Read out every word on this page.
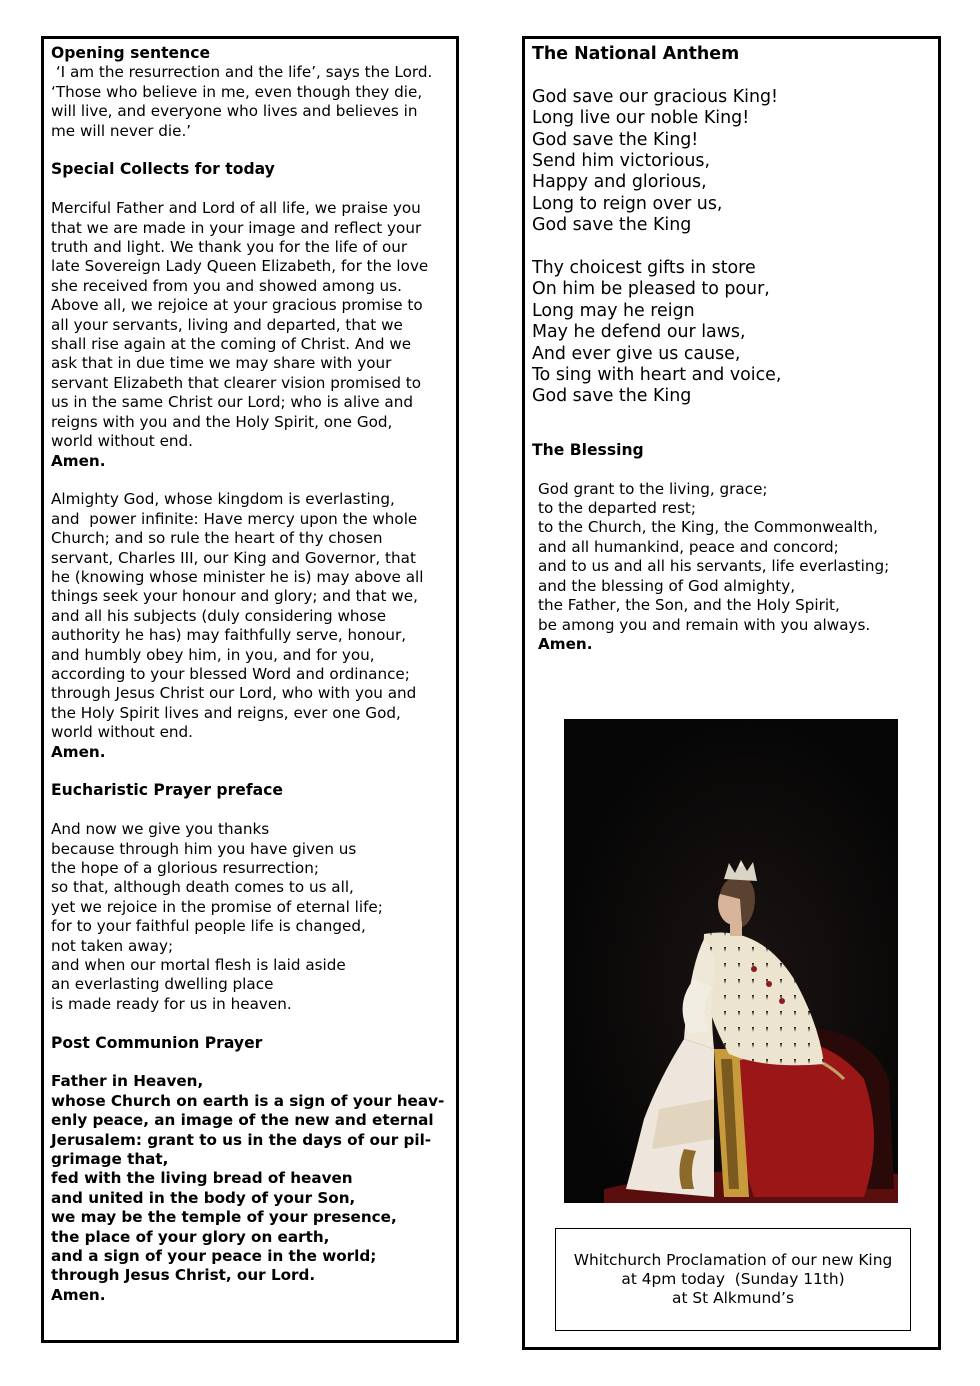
Opening sentence

‘I am the resurrection and the life’, says the Lord.

‘Those who believe in me, even though they die,

will live, and everyone who lives and believes in

me will never die.’

Special Collects for today

Merciful Father and Lord of all life, we praise you

that we are made in your image and reflect your

truth and light. We thank you for the life of our

late Sovereign Lady Queen Elizabeth, for the love

she received from you and showed among us.

Above all, we rejoice at your gracious promise to

all your servants, living and departed, that we

shall rise again at the coming of Christ. And we

ask that in due time we may share with your

servant Elizabeth that clearer vision promised to

us in the same Christ our Lord; who is alive and

reigns with you and the Holy Spirit, one God,

world without end.

Amen.

Almighty God, whose kingdom is everlasting,

and  power infinite: Have mercy upon the whole

Church; and so rule the heart of thy chosen

servant, Charles III, our King and Governor, that

he (knowing whose minister he is) may above all

things seek your honour and glory; and that we,

and all his subjects (duly considering whose

authority he has) may faithfully serve, honour,

and humbly obey him, in you, and for you,

according to your blessed Word and ordinance;

through Jesus Christ our Lord, who with you and

the Holy Spirit lives and reigns, ever one God,

world without end.

Amen.

Eucharistic Prayer preface

And now we give you thanks

because through him you have given us

the hope of a glorious resurrection;

so that, although death comes to us all,

yet we rejoice in the promise of eternal life;

for to your faithful people life is changed,

not taken away;

and when our mortal flesh is laid aside

an everlasting dwelling place

is made ready for us in heaven.

Post Communion Prayer

Father in Heaven,

whose Church on earth is a sign of your heav-

enly peace, an image of the new and eternal

Jerusalem: grant to us in the days of our pil-

grimage that,

fed with the living bread of heaven

and united in the body of your Son,

we may be the temple of your presence,

the place of your glory on earth,

and a sign of your peace in the world;

through Jesus Christ, our Lord.

Amen.

The National Anthem

God save our gracious King!

Long live our noble King!

God save the King!

Send him victorious,

Happy and glorious,

Long to reign over us,

God save the King

Thy choicest gifts in store

On him be pleased to pour,

Long may he reign

May he defend our laws,

And ever give us cause,

To sing with heart and voice,

God save the King

The Blessing

God grant to the living, grace;

to the departed rest;

to the Church, the King, the Commonwealth,

and all humankind, peace and concord;

and to us and all his servants, life everlasting;

and the blessing of God almighty,

the Father, the Son, and the Holy Spirit,

be among you and remain with you always.

Amen.

Whitchurch Proclamation of our new King

at 4pm today  (Sunday 11th)

at St Alkmund’s
